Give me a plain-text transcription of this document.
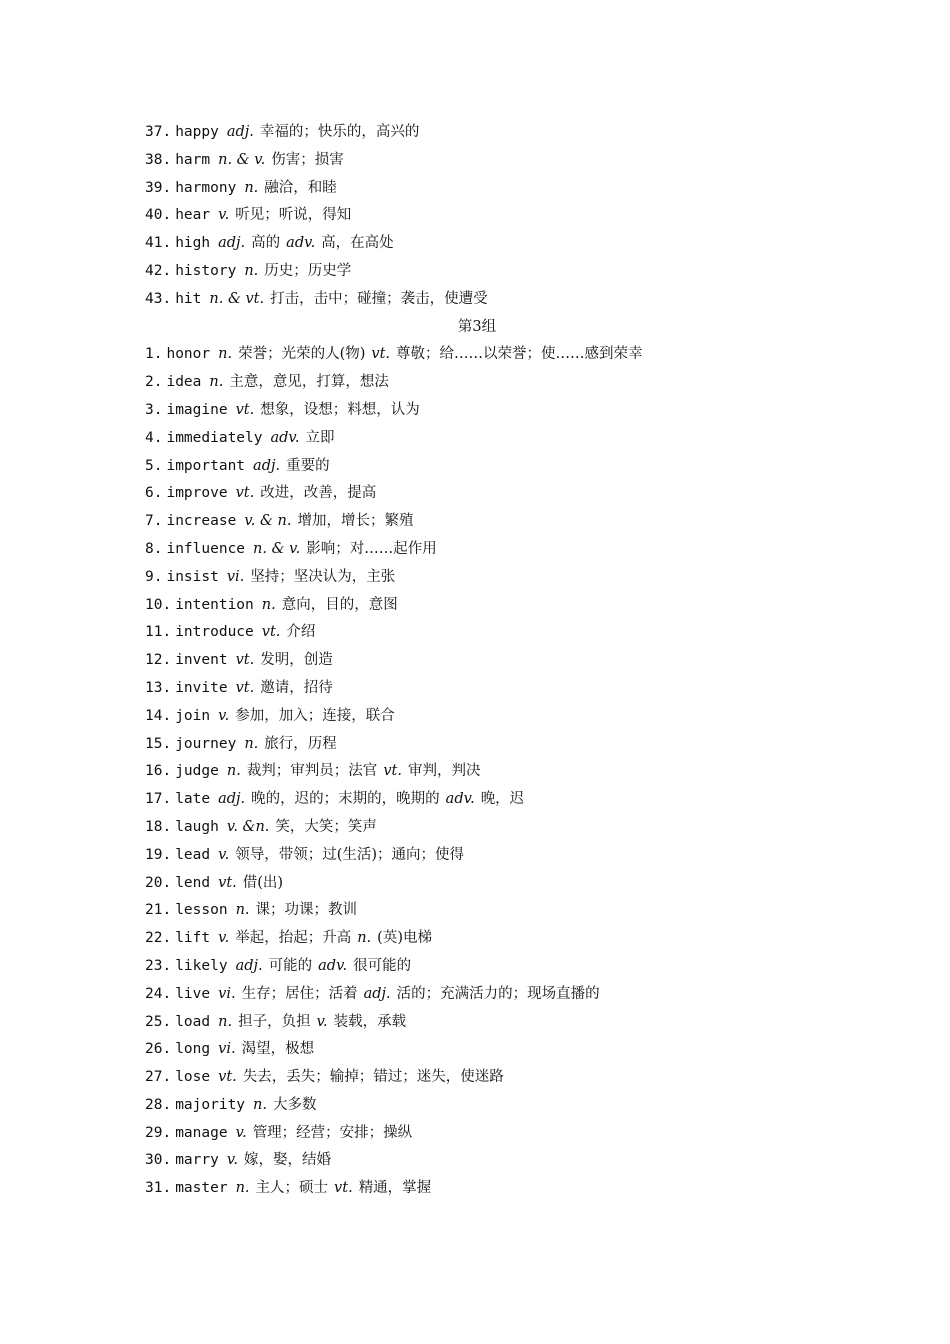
37. happy adj. 幸福的；快乐的，高兴的
38. harm n. & v. 伤害；损害
39. harmony n. 融洽，和睦
40. hear v. 听见；听说，得知
41. high adj. 高的 adv. 高，在高处
42. history n. 历史；历史学
43. hit n. & vt. 打击，击中；碰撞；袭击，使遭受
第3组
1. honor n. 荣誉；光荣的人(物) vt. 尊敬；给……以荣誉；使……感到荣幸
2. idea n. 主意，意见，打算，想法
3. imagine vt. 想象，设想；料想，认为
4. immediately adv. 立即
5. important adj. 重要的
6. improve vt. 改进，改善，提高
7. increase v. & n. 增加，增长；繁殖
8. influence n. & v. 影响；对……起作用
9. insist vi. 坚持；坚决认为，主张
10. intention n. 意向，目的，意图
11. introduce vt. 介绍
12. invent vt. 发明，创造
13. invite vt. 邀请，招待
14. join v. 参加，加入；连接，联合
15. journey n. 旅行，历程
16. judge n. 裁判；审判员；法官 vt. 审判，判决
17. late adj. 晚的，迟的；末期的，晚期的 adv. 晚，迟
18. laugh v. &n. 笑，大笑；笑声
19. lead v. 领导，带领；过(生活)；通向；使得
20. lend vt. 借(出)
21. lesson n. 课；功课；教训
22. lift v. 举起，抬起；升高 n. (英)电梯
23. likely adj. 可能的 adv. 很可能的
24. live vi. 生存；居住；活着 adj. 活的；充满活力的；现场直播的
25. load n. 担子，负担 v. 装载，承载
26. long vi. 渴望，极想
27. lose vt. 失去，丢失；输掉；错过；迷失，使迷路
28. majority n. 大多数
29. manage v. 管理；经营；安排；操纵
30. marry v. 嫁，娶，结婚
31. master n. 主人；硕士 vt. 精通，掌握
